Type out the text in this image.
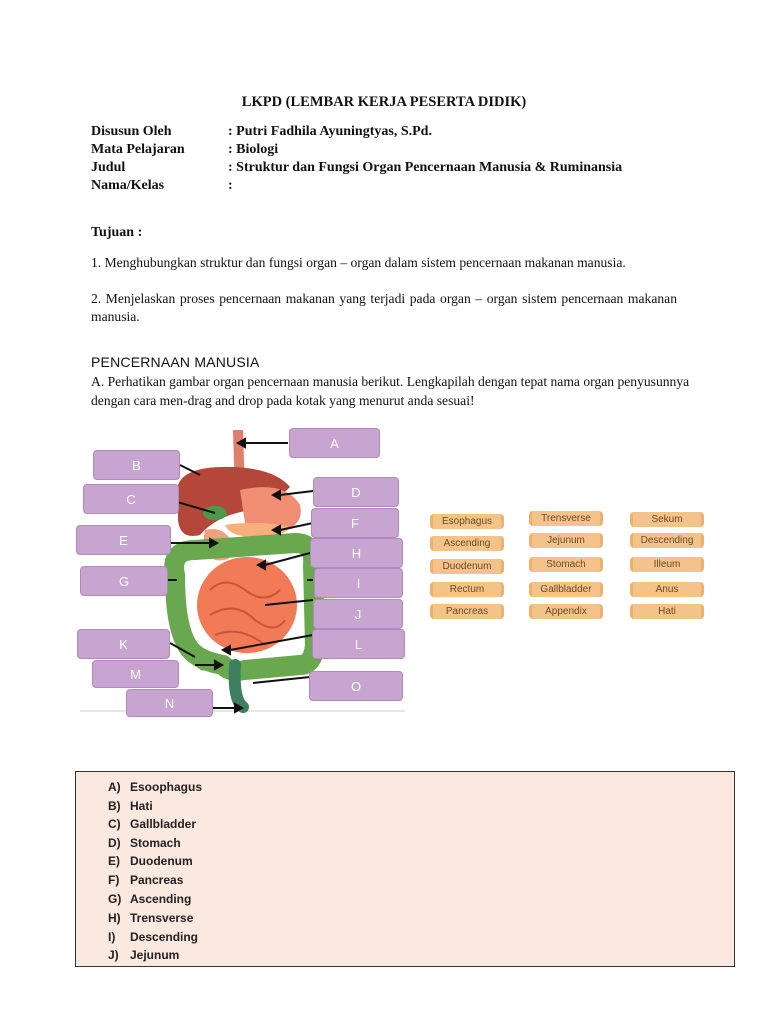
LKPD (LEMBAR KERJA PESERTA DIDIK)
Disusun Oleh	: Putri Fadhila Ayuningtyas, S.Pd.
Mata Pelajaran	: Biologi
Judul	: Struktur dan Fungsi Organ Pencernaan Manusia & Ruminansia
Nama/Kelas	:
Tujuan :
1. Menghubungkan struktur dan fungsi organ – organ dalam sistem pencernaan makanan manusia.
2. Menjelaskan proses pencernaan makanan yang terjadi pada organ – organ sistem pencernaan makanan manusia.
PENCERNAAN MANUSIA
A. Perhatikan gambar organ pencernaan manusia berikut. Lengkapilah dengan tepat nama organ penyusunnya dengan cara men-drag and drop pada kotak yang menurut anda sesuai!
A
B
C	D
E
F
G
H
I
J
K	L
M
O
N
Esophagus	Trensverse	Sekum
Ascending	Jejunum	Descending
Duodenum	Stomach	Illeum
Rectum	Gallbladder	Anus
Pancreas	Appendix	Hati
A) Esoophagus
B) Hati
C) Gallbladder
D) Stomach
E) Duodenum
F) Pancreas
G) Ascending
H) Trensverse
I)	Descending
J) Jejunum
